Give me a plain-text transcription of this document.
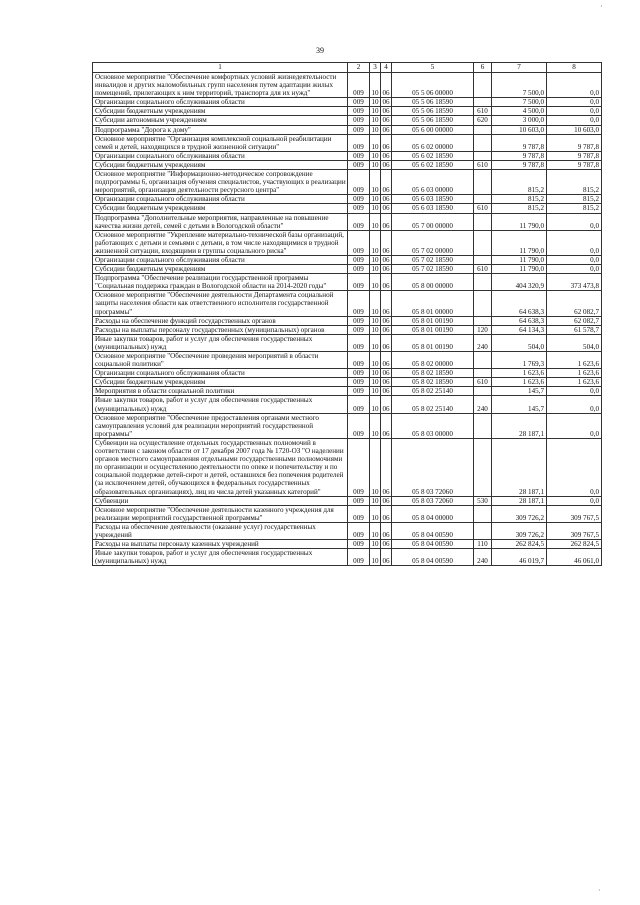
·
39
1	2	3	4	5	6	7	8
Основное мероприятие "Обеспечение комфортных условий жизнедеятельности инвалидов и других маломобильных групп населения путем адаптации жилых помещений, прилегающих к ним территорий, транспорта для их нужд"	009	10	06	05 5 06 00000		7 500,0	0,0
Организации социального обслуживания области	009	10	06	05 5 06 18590		7 500,0	0,0
Субсидии бюджетным учреждениям	009	10	06	05 5 06 18590	610	4 500,0	0,0
Субсидии автономным учреждениям	009	10	06	05 5 06 18590	620	3 000,0	0,0
Подпрограмма "Дорога к дому"	009	10	06	05 6 00 00000		10 603,0	10 603,0
Основное мероприятие "Организация комплексной социальной реабилитации семей и детей, находящихся в трудной жизненной ситуации"	009	10	06	05 6 02 00000		9 787,8	9 787,8
Организации социального обслуживания области	009	10	06	05 6 02 18590		9 787,8	9 787,8
Субсидии бюджетным учреждениям	009	10	06	05 6 02 18590	610	9 787,8	9 787,8
Основное мероприятие "Информационно-методическое сопровождение подпрограммы 6, организация обучения специалистов, участвующих в реализации мероприятий, организация деятельности ресурсного центра"	009	10	06	05 6 03 00000		815,2	815,2
Организации социального обслуживания области	009	10	06	05 6 03 18590		815,2	815,2
Субсидии бюджетным учреждениям	009	10	06	05 6 03 18590	610	815,2	815,2
Подпрограмма "Дополнительные мероприятия, направленные на повышение качества жизни детей, семей с детьми в Вологодской области"	009	10	06	05 7 00 00000		11 790,0	0,0
Основное мероприятие "Укрепление материально-технической базы организаций, работающих с детьми и семьями с детьми, в том числе находящимися в трудной жизненной ситуации, входящими в группы социального риска"	009	10	06	05 7 02 00000		11 790,0	0,0
Организации социального обслуживания области	009	10	06	05 7 02 18590		11 790,0	0,0
Субсидии бюджетным учреждениям	009	10	06	05 7 02 18590	610	11 790,0	0,0
Подпрограмма "Обеспечение реализации государственной программы "Социальная поддержка граждан в Вологодской области на 2014-2020 годы"	009	10	06	05 8 00 00000		404 320,9	373 473,8
Основное мероприятие "Обеспечение деятельности Департамента социальной защиты населения области как ответственного исполнителя государственной программы"	009	10	06	05 8 01 00000		64 638,3	62 082,7
Расходы на обеспечение функций государственных органов	009	10	06	05 8 01 00190		64 638,3	62 082,7
Расходы на выплаты персоналу государственных (муниципальных) органов	009	10	06	05 8 01 00190	120	64 134,3	61 578,7
Иные закупки товаров, работ и услуг для обеспечения государственных (муниципальных) нужд	009	10	06	05 8 01 00190	240	504,0	504,0
Основное мероприятие "Обеспечение проведения мероприятий в области социальной политики"	009	10	06	05 8 02 00000		1 769,3	1 623,6
Организации социального обслуживания области	009	10	06	05 8 02 18590		1 623,6	1 623,6
Субсидии бюджетным учреждениям	009	10	06	05 8 02 18590	610	1 623,6	1 623,6
Мероприятия в области социальной политики	009	10	06	05 8 02 25140		145,7	0,0
Иные закупки товаров, работ и услуг для обеспечения государственных (муниципальных) нужд	009	10	06	05 8 02 25140	240	145,7	0,0
Основное мероприятие "Обеспечение предоставления органами местного самоуправления условий для реализации мероприятий государственной программы"	009	10	06	05 8 03 00000		28 187,1	0,0
Субвенции на осуществление отдельных государственных полномочий в соответствии с законом области от 17 декабря 2007 года № 1720-ОЗ "О наделении органов местного самоуправления отдельными государственными полномочиями по организации и осуществлению деятельности по опеке и попечительству и по социальной поддержке детей-сирот и детей, оставшихся без попечения родителей (за исключением детей, обучающихся в федеральных государственных образовательных организациях), лиц из числа детей указанных категорий"	009	10	06	05 8 03 72060		28 187,1	0,0
Субвенции	009	10	06	05 8 03 72060	530	28 187,1	0,0
Основное мероприятие "Обеспечение деятельности казенного учреждения для реализации мероприятий государственной программы"	009	10	06	05 8 04 00000		309 726,2	309 767,5
Расходы на обеспечение деятельности (оказание услуг) государственных учреждений	009	10	06	05 8 04 00590		309 726,2	309 767,5
Расходы на выплаты персоналу казенных учреждений	009	10	06	05 8 04 00590	110	262 824,5	262 824,5
Иные закупки товаров, работ и услуг для обеспечения государственных (муниципальных) нужд	009	10	06	05 8 04 00590	240	46 019,7	46 061,0
·
